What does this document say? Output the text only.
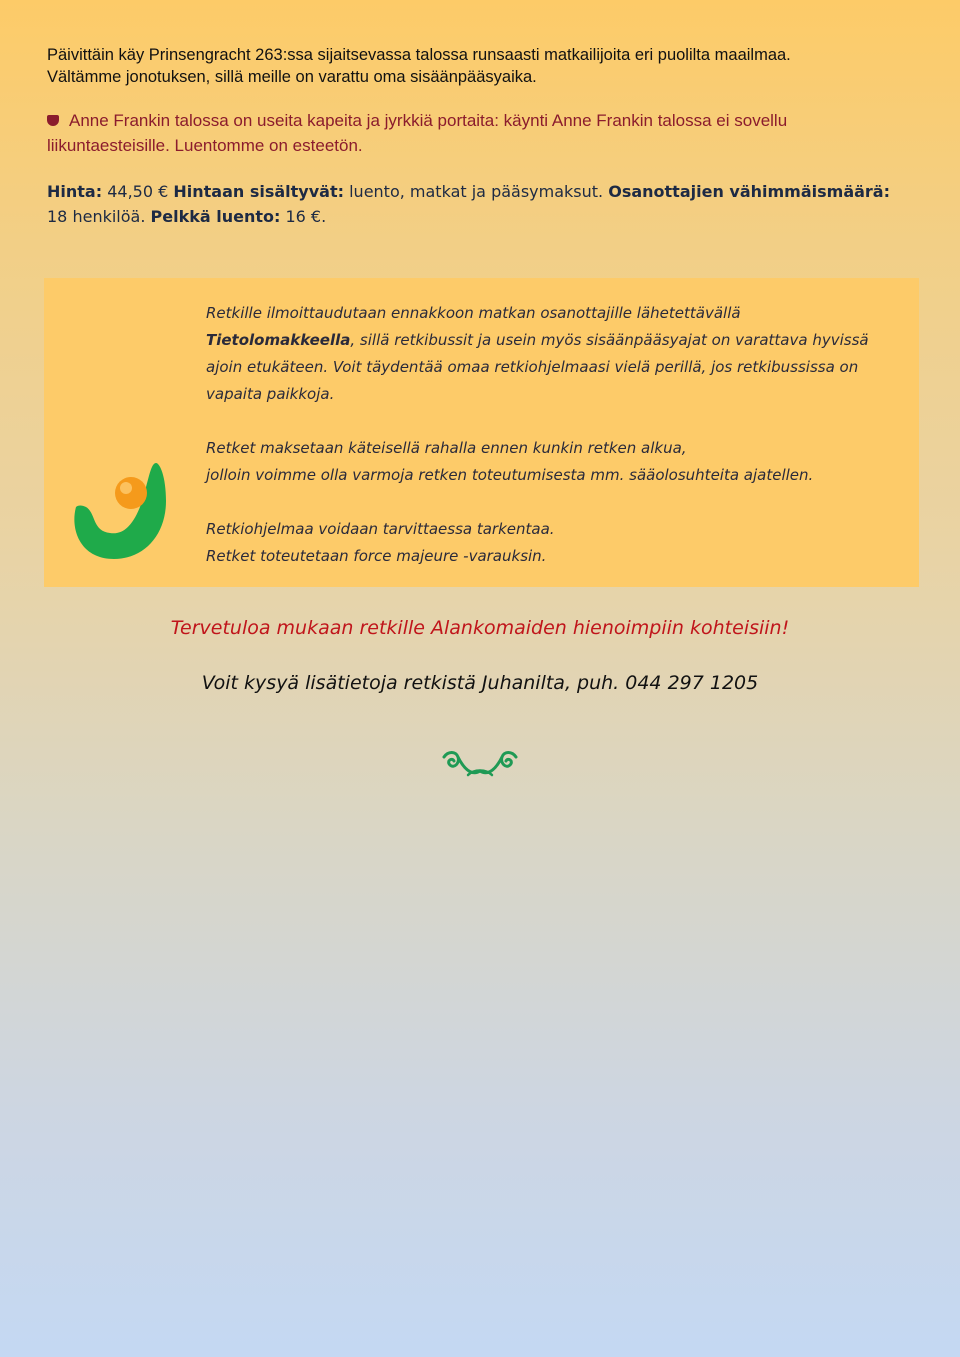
Päivittäin käy Prinsengracht 263:ssa sijaitsevassa talossa runsaasti matkailijoita eri puolilta maailmaa.

Vältämme jonotuksen, sillä meille on varattu oma sisäänpääsyaika.

Anne Frankin talossa on useita kapeita ja jyrkkiä portaita: käynti Anne Frankin talossa ei sovellu
liikuntaesteisille. Luentomme on esteetön.
Hinta: 44,50 € Hintaan sisältyvät: luento, matkat ja pääsymaksut. Osanottajien vähimmäismäärä: 18 henkilöä. Pelkkä luento: 16 €.

Retkille ilmoittaudutaan ennakkoon matkan osanottajille lähetettävällä
Tietolomakkeella, sillä retkibussit ja usein myös sisäänpääsyajat on varattava hyvissä ajoin etukäteen. Voit täydentää omaa retkiohjelmaasi vielä perillä, jos retkibussissa on vapaita paikkoja.

Retket maksetaan käteisellä rahalla ennen kunkin retken alkua,

jolloin voimme olla varmoja retken toteutumisesta mm. sääolosuhteita ajatellen.

Retkiohjelmaa voidaan tarvittaessa tarkentaa.

Retket toteutetaan force majeure -varauksin.

Tervetuloa mukaan retkille Alankomaiden hienoimpiin kohteisiin!
Voit kysyä lisätietoja retkistä Juhanilta, puh. 044 297 1205
